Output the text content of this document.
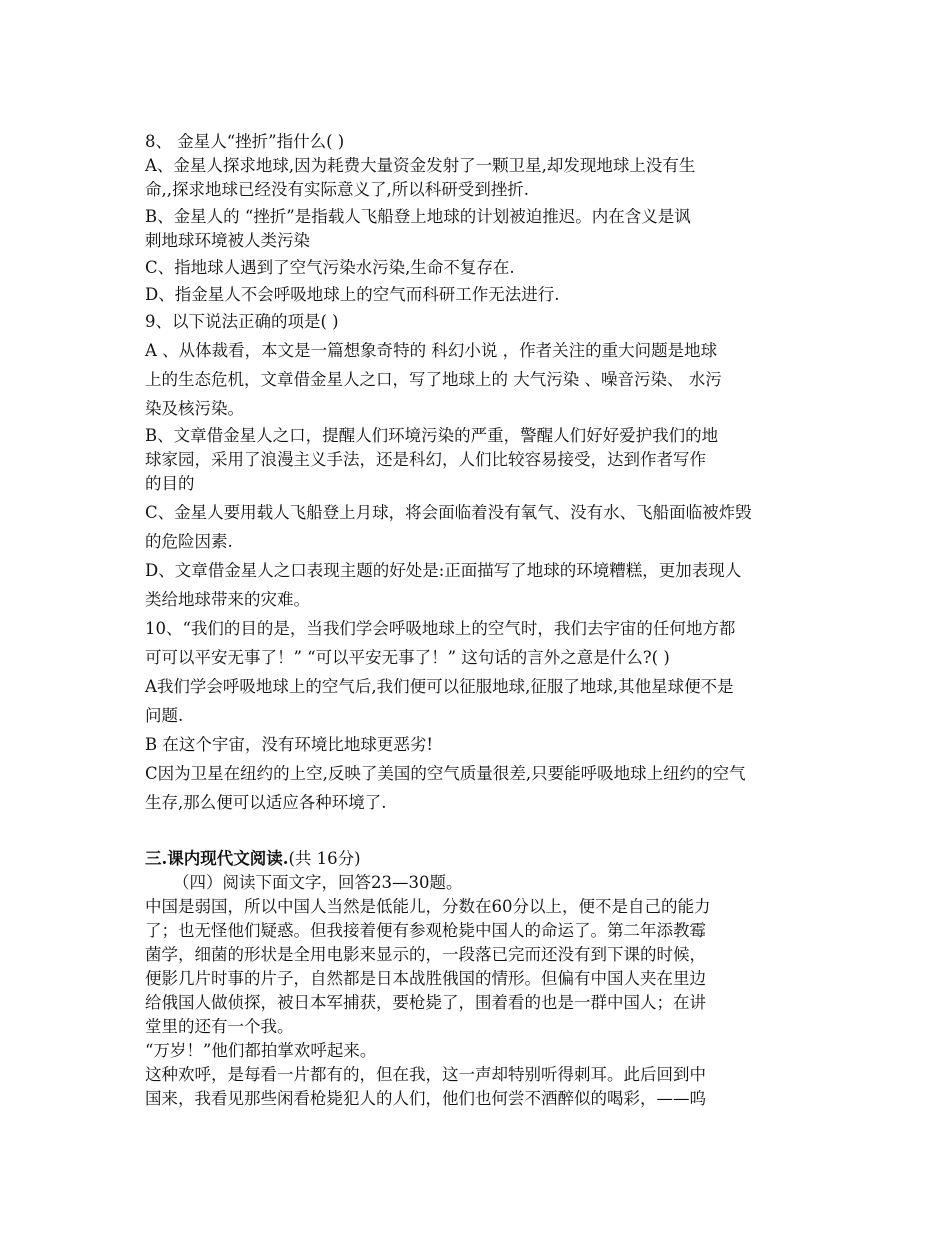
8、 金星人“挫折”指什么( )
A、金星人探求地球,因为耗费大量资金发射了一颗卫星,却发现地球上没有生
命,,探求地球已经没有实际意义了,所以科研受到挫折.
B、金星人的 “挫折”是指载人飞船登上地球的计划被迫推迟。内在含义是讽
刺地球环境被人类污染
C、指地球人遇到了空气污染水污染,生命不复存在.
D、指金星人不会呼吸地球上的空气而科研工作无法进行.
9、以下说法正确的项是( )
A 、从体裁看，本文是一篇想象奇特的 科幻小说 ，作者关注的重大问题是地球
上的生态危机，文章借金星人之口，写了地球上的 大气污染 、噪音污染、 水污
染及核污染。
B、文章借金星人之口，提醒人们环境污染的严重，警醒人们好好爱护我们的地
球家园，采用了浪漫主义手法，还是科幻，人们比较容易接受，达到作者写作
的目的
C、金星人要用载人飞船登上月球，将会面临着没有氧气、没有水、飞船面临被炸毁
的危险因素.
D、文章借金星人之口表现主题的好处是:正面描写了地球的环境糟糕，更加表现人
类给地球带来的灾难。
10、“我们的目的是，当我们学会呼吸地球上的空气时，我们去宇宙的任何地方都
可可以平安无事了！” “可以平安无事了！” 这句话的言外之意是什么?( )
A我们学会呼吸地球上的空气后,我们便可以征服地球,征服了地球,其他星球便不是
问题.
B 在这个宇宙，没有环境比地球更恶劣!
C因为卫星在纽约的上空,反映了美国的空气质量很差,只要能呼吸地球上纽约的空气
生存,那么便可以适应各种环境了.
三.课内现代文阅读.(共 16分)
（四）阅读下面文字，回答23—30题。
中国是弱国，所以中国人当然是低能儿，分数在60分以上，便不是自己的能力
了；也无怪他们疑惑。但我接着便有参观枪毙中国人的命运了。第二年添教霉
菌学，细菌的形状是全用电影来显示的，一段落已完而还没有到下课的时候，
便影几片时事的片子，自然都是日本战胜俄国的情形。但偏有中国人夹在里边
给俄国人做侦探，被日本军捕获，要枪毙了，围着看的也是一群中国人；在讲
堂里的还有一个我。
“万岁！”他们都拍掌欢呼起来。
这种欢呼，是每看一片都有的，但在我，这一声却特别听得刺耳。此后回到中
国来，我看见那些闲看枪毙犯人的人们，他们也何尝不酒醉似的喝彩，——呜
